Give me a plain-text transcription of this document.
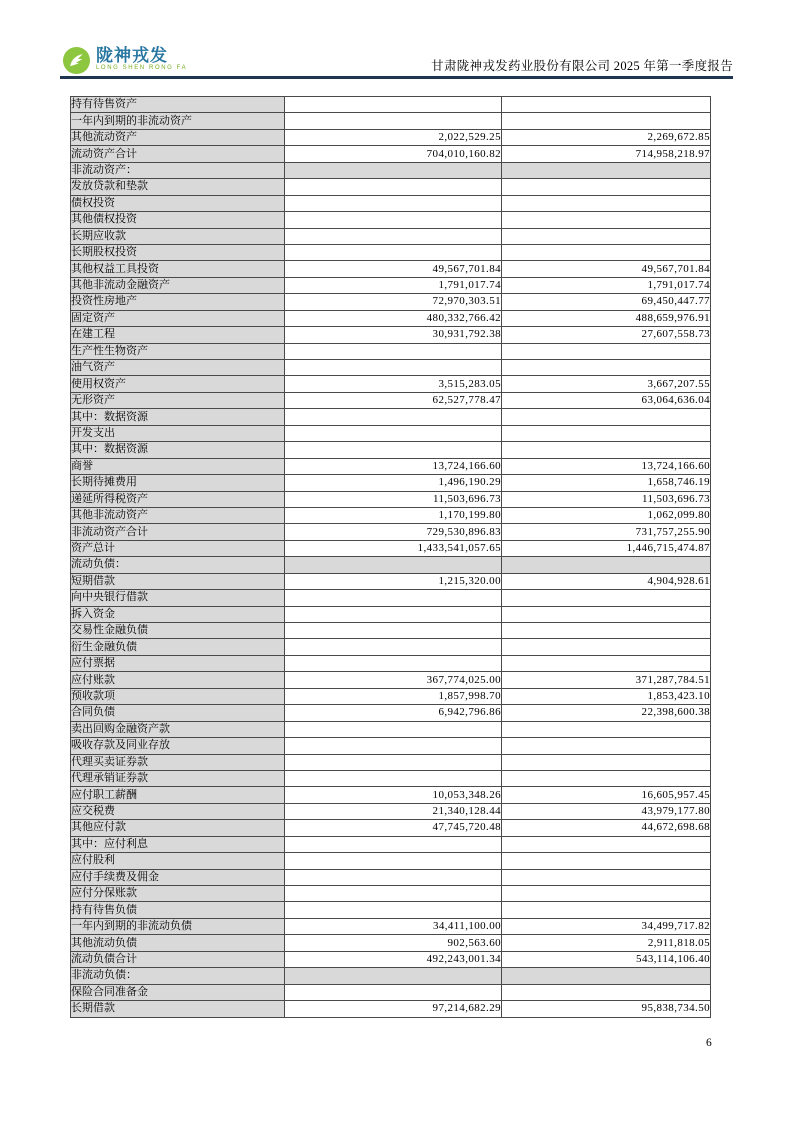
陇神戎发
LONG SHEN RONG FA	甘肃陇神戎发药业股份有限公司 2025 年第一季度报告
持有待售资产		
一年内到期的非流动资产		
其他流动资产	2,022,529.25	2,269,672.85
流动资产合计	704,010,160.82	714,958,218.97
非流动资产：		
发放贷款和垫款		
债权投资		
其他债权投资		
长期应收款		
长期股权投资		
其他权益工具投资	49,567,701.84	49,567,701.84
其他非流动金融资产	1,791,017.74	1,791,017.74
投资性房地产	72,970,303.51	69,450,447.77
固定资产	480,332,766.42	488,659,976.91
在建工程	30,931,792.38	27,607,558.73
生产性生物资产		
油气资产		
使用权资产	3,515,283.05	3,667,207.55
无形资产	62,527,778.47	63,064,636.04
其中：数据资源		
开发支出		
其中：数据资源		
商誉	13,724,166.60	13,724,166.60
长期待摊费用	1,496,190.29	1,658,746.19
递延所得税资产	11,503,696.73	11,503,696.73
其他非流动资产	1,170,199.80	1,062,099.80
非流动资产合计	729,530,896.83	731,757,255.90
资产总计	1,433,541,057.65	1,446,715,474.87
流动负债：		
短期借款	1,215,320.00	4,904,928.61
向中央银行借款		
拆入资金		
交易性金融负债		
衍生金融负债		
应付票据		
应付账款	367,774,025.00	371,287,784.51
预收款项	1,857,998.70	1,853,423.10
合同负债	6,942,796.86	22,398,600.38
卖出回购金融资产款		
吸收存款及同业存放		
代理买卖证券款		
代理承销证券款		
应付职工薪酬	10,053,348.26	16,605,957.45
应交税费	21,340,128.44	43,979,177.80
其他应付款	47,745,720.48	44,672,698.68
其中：应付利息		
应付股利		
应付手续费及佣金		
应付分保账款		
持有待售负债		
一年内到期的非流动负债	34,411,100.00	34,499,717.82
其他流动负债	902,563.60	2,911,818.05
流动负债合计	492,243,001.34	543,114,106.40
非流动负债：		
保险合同准备金		
长期借款	97,214,682.29	95,838,734.50
6
